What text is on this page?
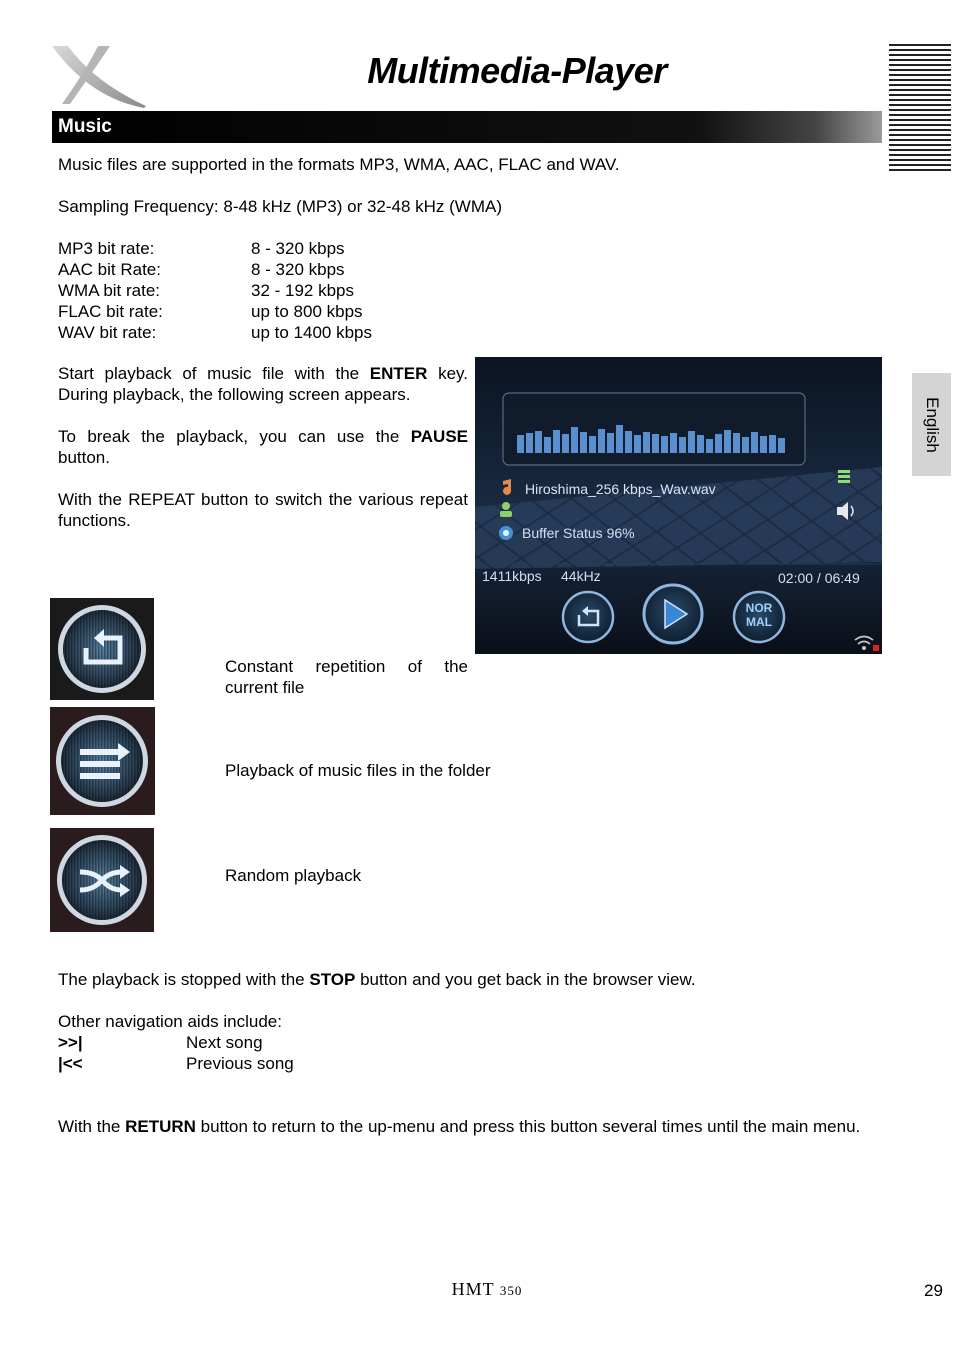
Multimedia-Player
Music
English
Music files are supported in the formats MP3, WMA, AAC, FLAC and WAV.
Sampling Frequency: 8-48 kHz (MP3) or 32-48 kHz (WMA)
MP3 bit rate:	8 - 320 kbps
AAC bit Rate:	8 - 320 kbps
WMA bit rate:	32 - 192 kbps
FLAC bit rate:	up to 800 kbps
WAV bit rate:	up to 1400 kbps
Start playback of music file with the ENTER key. During playback, the following screen appears.
To break the playback, you can use the PAUSE button.
With the REPEAT button to switch the various repeat functions.
Hiroshima_256 kbps_Wav.wav
Buffer Status 96%
1411kbps 44kHz	02:00 / 06:49
NOR
MAL
Constant repetition of the current file
Playback of music files in the folder
Random playback
The playback is stopped with the STOP button and you get back in the browser view.
Other navigation aids include:
>>|	Next song
|<<	Previous song
With the RETURN button to return to the up-menu and press this button several times until the main menu.
HMT 350	29
